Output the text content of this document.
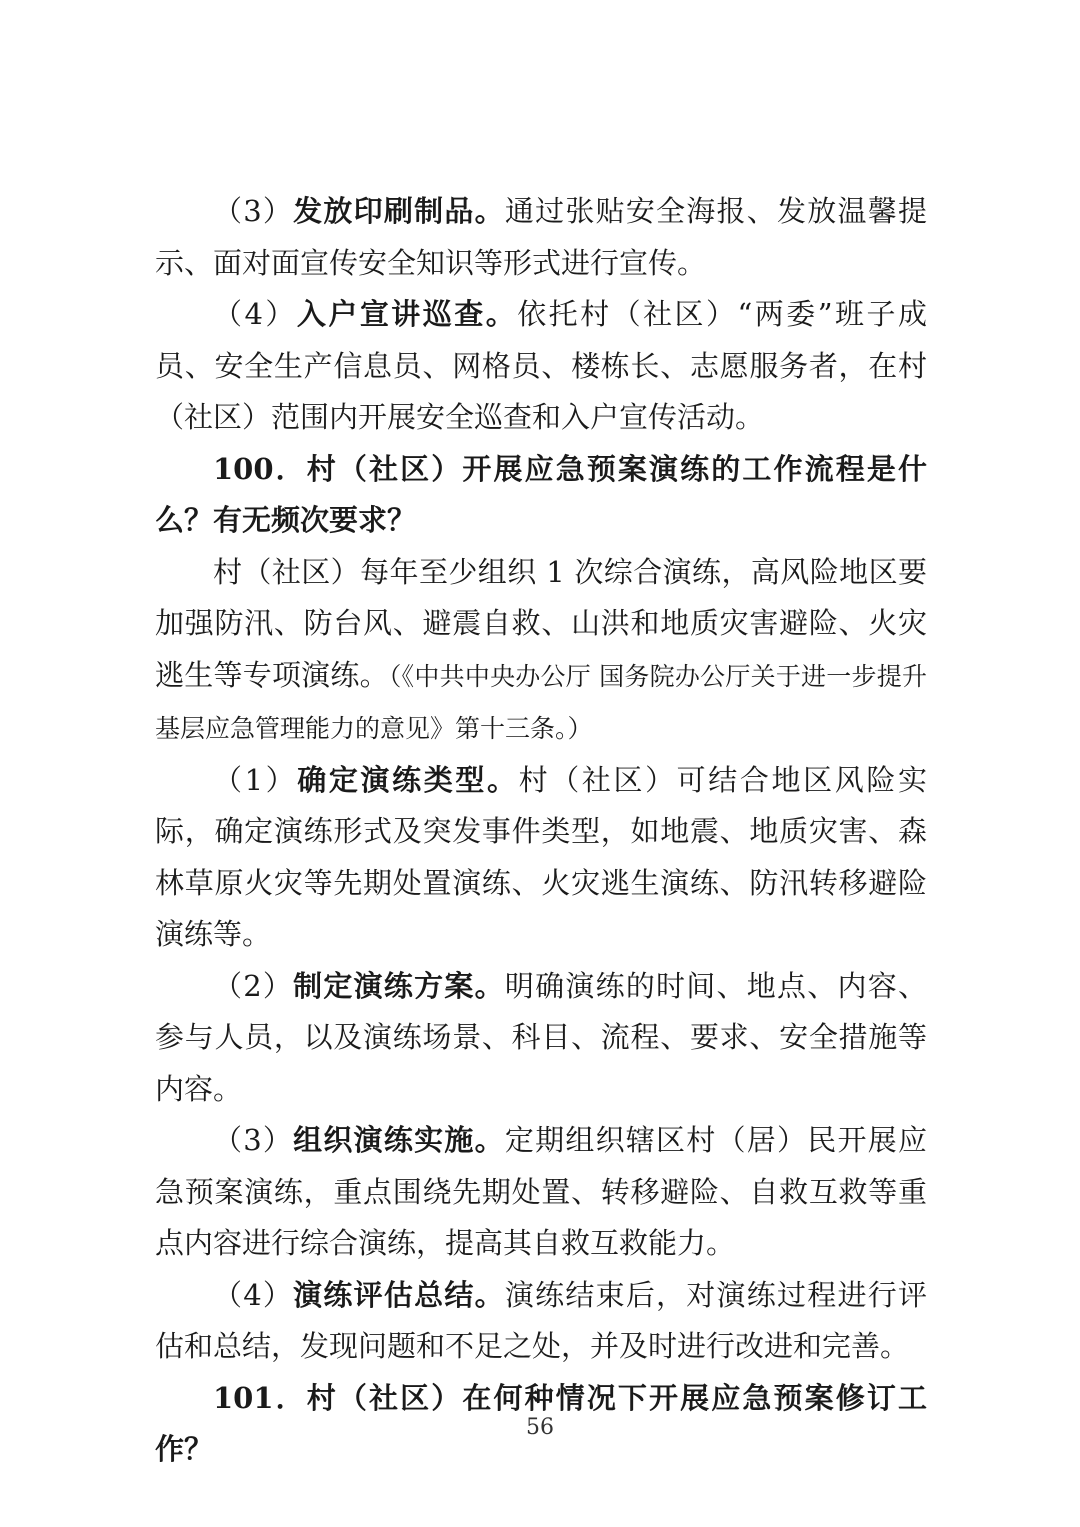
（3）发放印刷制品。通过张贴安全海报、发放温馨提示、面对面宣传安全知识等形式进行宣传。

（4）入户宣讲巡查。依托村（社区）“两委”班子成员、安全生产信息员、网格员、楼栋长、志愿服务者，在村（社区）范围内开展安全巡查和入户宣传活动。

100．村（社区）开展应急预案演练的工作流程是什么？有无频次要求？

村（社区）每年至少组织 1 次综合演练，高风险地区要加强防汛、防台风、避震自救、山洪和地质灾害避险、火灾逃生等专项演练。（《中共中央办公厅 国务院办公厅关于进一步提升基层应急管理能力的意见》第十三条。）

（1）确定演练类型。村（社区）可结合地区风险实际，确定演练形式及突发事件类型，如地震、地质灾害、森林草原火灾等先期处置演练、火灾逃生演练、防汛转移避险演练等。

（2）制定演练方案。明确演练的时间、地点、内容、参与人员，以及演练场景、科目、流程、要求、安全措施等内容。

（3）组织演练实施。定期组织辖区村（居）民开展应急预案演练，重点围绕先期处置、转移避险、自救互救等重点内容进行综合演练，提高其自救互救能力。

（4）演练评估总结。演练结束后，对演练过程进行评估和总结，发现问题和不足之处，并及时进行改进和完善。

101．村（社区）在何种情况下开展应急预案修订工作？

56
